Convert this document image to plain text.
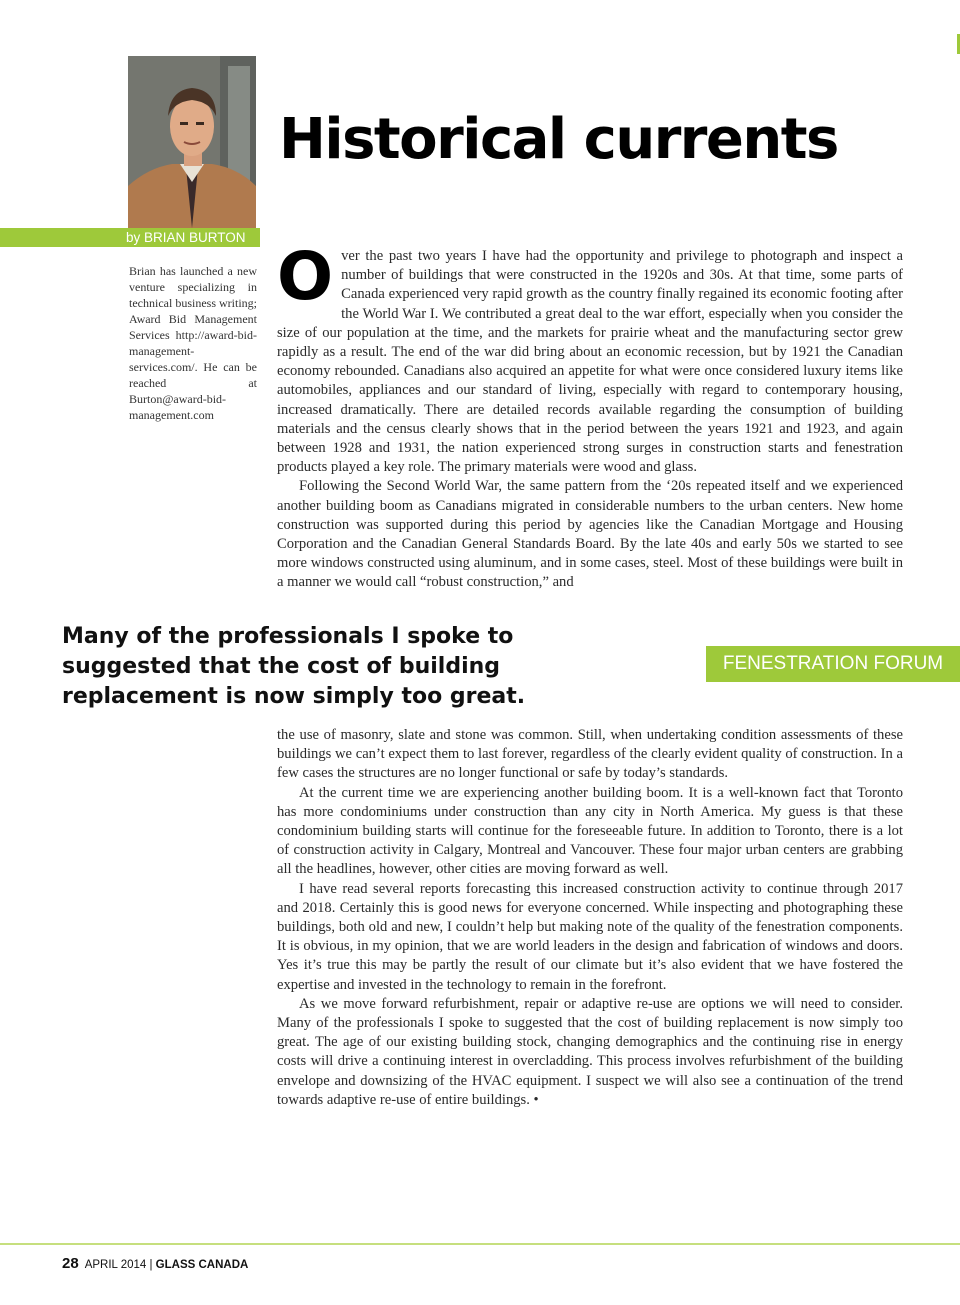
by BRIAN BURTON
Historical currents
Brian has launched a new venture specializing in technical business writing; Award Bid Management Services http://award-bid-management-services.com/. He can be reached at Burton@award-bid-management.com

Over the past two years I have had the opportunity and privilege to photograph and inspect a number of buildings that were constructed in the 1920s and 30s. At that time, some parts of Canada experienced very rapid growth as the country finally regained its economic footing after the World War I. We contributed a great deal to the war effort, especially when you consider the size of our population at the time, and the markets for prairie wheat and the manufacturing sector grew rapidly as a result. The end of the war did bring about an economic recession, but by 1921 the Canadian economy rebounded. Canadians also acquired an appetite for what were once considered luxury items like automobiles, appliances and our standard of living, especially with regard to contemporary housing, increased dramatically. There are detailed records available regarding the consumption of building materials and the census clearly shows that in the period between the years 1921 and 1923, and again between 1928 and 1931, the nation experienced strong surges in construction starts and fenestration products played a key role. The primary materials were wood and glass.

Following the Second World War, the same pattern from the ‘20s repeated itself and we experienced another building boom as Canadians migrated in considerable numbers to the urban centers. New home construction was supported during this period by agencies like the Canadian Mortgage and Housing Corporation and the Canadian General Standards Board. By the late 40s and early 50s we started to see more windows constructed using aluminum, and in some cases, steel. Most of these buildings were built in a manner we would call “robust construction,” and

Many of the professionals I spoke to suggested that the cost of building replacement is now simply too great.

FENESTRATION FORUM

the use of masonry, slate and stone was common. Still, when undertaking condition assessments of these buildings we can’t expect them to last forever, regardless of the clearly evident quality of construction. In a few cases the structures are no longer functional or safe by today’s standards.

At the current time we are experiencing another building boom. It is a well-known fact that Toronto has more condominiums under construction than any city in North America. My guess is that these condominium building starts will continue for the foreseeable future. In addition to Toronto, there is a lot of construction activity in Calgary, Montreal and Vancouver. These four major urban centers are grabbing all the headlines, however, other cities are moving forward as well.

I have read several reports forecasting this increased construction activity to continue through 2017 and 2018. Certainly this is good news for everyone concerned. While inspecting and photographing these buildings, both old and new, I couldn’t help but making note of the quality of the fenestration components. It is obvious, in my opinion, that we are world leaders in the design and fabrication of windows and doors. Yes it’s true this may be partly the result of our climate but it’s also evident that we have fostered the expertise and invested in the technology to remain in the forefront.

As we move forward refurbishment, repair or adaptive re-use are options we will need to consider. Many of the professionals I spoke to suggested that the cost of building replacement is now simply too great. The age of our existing building stock, changing demographics and the continuing rise in energy costs will drive a continuing interest in overcladding. This process involves refurbishment of the building envelope and downsizing of the HVAC equipment. I suspect we will also see a continuation of the trend towards adaptive re-use of entire buildings. •

28 APRIL 2014 | GLASS CANADA
